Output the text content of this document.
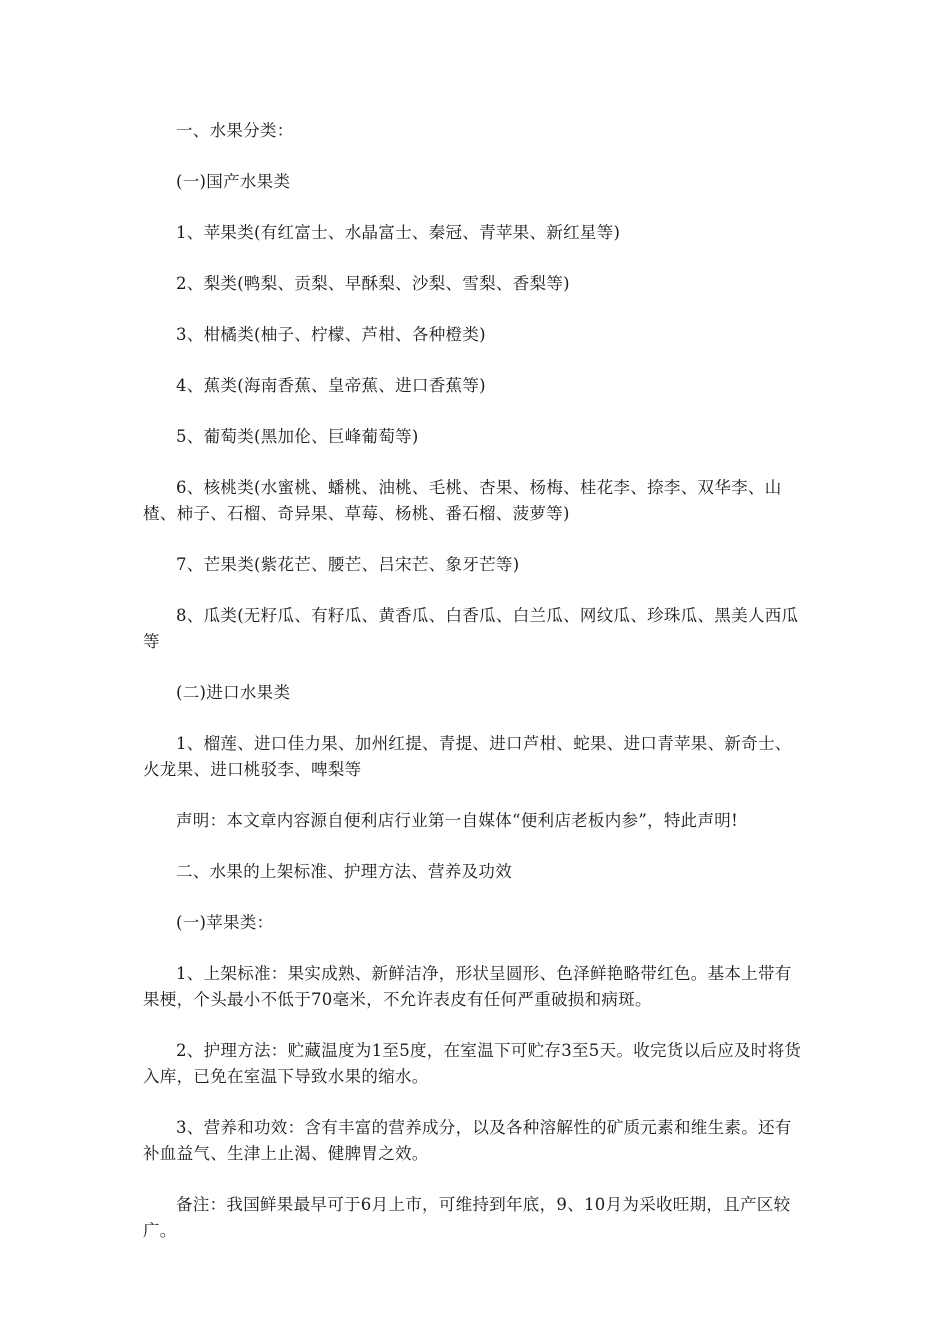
一、水果分类：

(一)国产水果类

1、苹果类(有红富士、水晶富士、秦冠、青苹果、新红星等)

2、梨类(鸭梨、贡梨、早酥梨、沙梨、雪梨、香梨等)

3、柑橘类(柚子、柠檬、芦柑、各种橙类)

4、蕉类(海南香蕉、皇帝蕉、进口香蕉等)

5、葡萄类(黑加伦、巨峰葡萄等)

6、核桃类(水蜜桃、蟠桃、油桃、毛桃、杏果、杨梅、桂花李、捺李、双华李、山楂、柿子、石榴、奇异果、草莓、杨桃、番石榴、菠萝等)

7、芒果类(紫花芒、腰芒、吕宋芒、象牙芒等)

8、瓜类(无籽瓜、有籽瓜、黄香瓜、白香瓜、白兰瓜、网纹瓜、珍珠瓜、黑美人西瓜等

(二)进口水果类

1、榴莲、进口佳力果、加州红提、青提、进口芦柑、蛇果、进口青苹果、新奇士、火龙果、进口桃驳李、啤梨等

声明：本文章内容源自便利店行业第一自媒体“便利店老板内参”，特此声明!

二、水果的上架标准、护理方法、营养及功效

(一)苹果类：

1、上架标准：果实成熟、新鲜洁净，形状呈圆形、色泽鲜艳略带红色。基本上带有果梗，个头最小不低于70毫米，不允许表皮有任何严重破损和病斑。

2、护理方法：贮藏温度为1至5度，在室温下可贮存3至5天。收完货以后应及时将货入库，已免在室温下导致水果的缩水。

3、营养和功效：含有丰富的营养成分，以及各种溶解性的矿质元素和维生素。还有补血益气、生津上止渴、健脾胃之效。

备注：我国鲜果最早可于6月上市，可维持到年底，9、10月为采收旺期，且产区较广。
